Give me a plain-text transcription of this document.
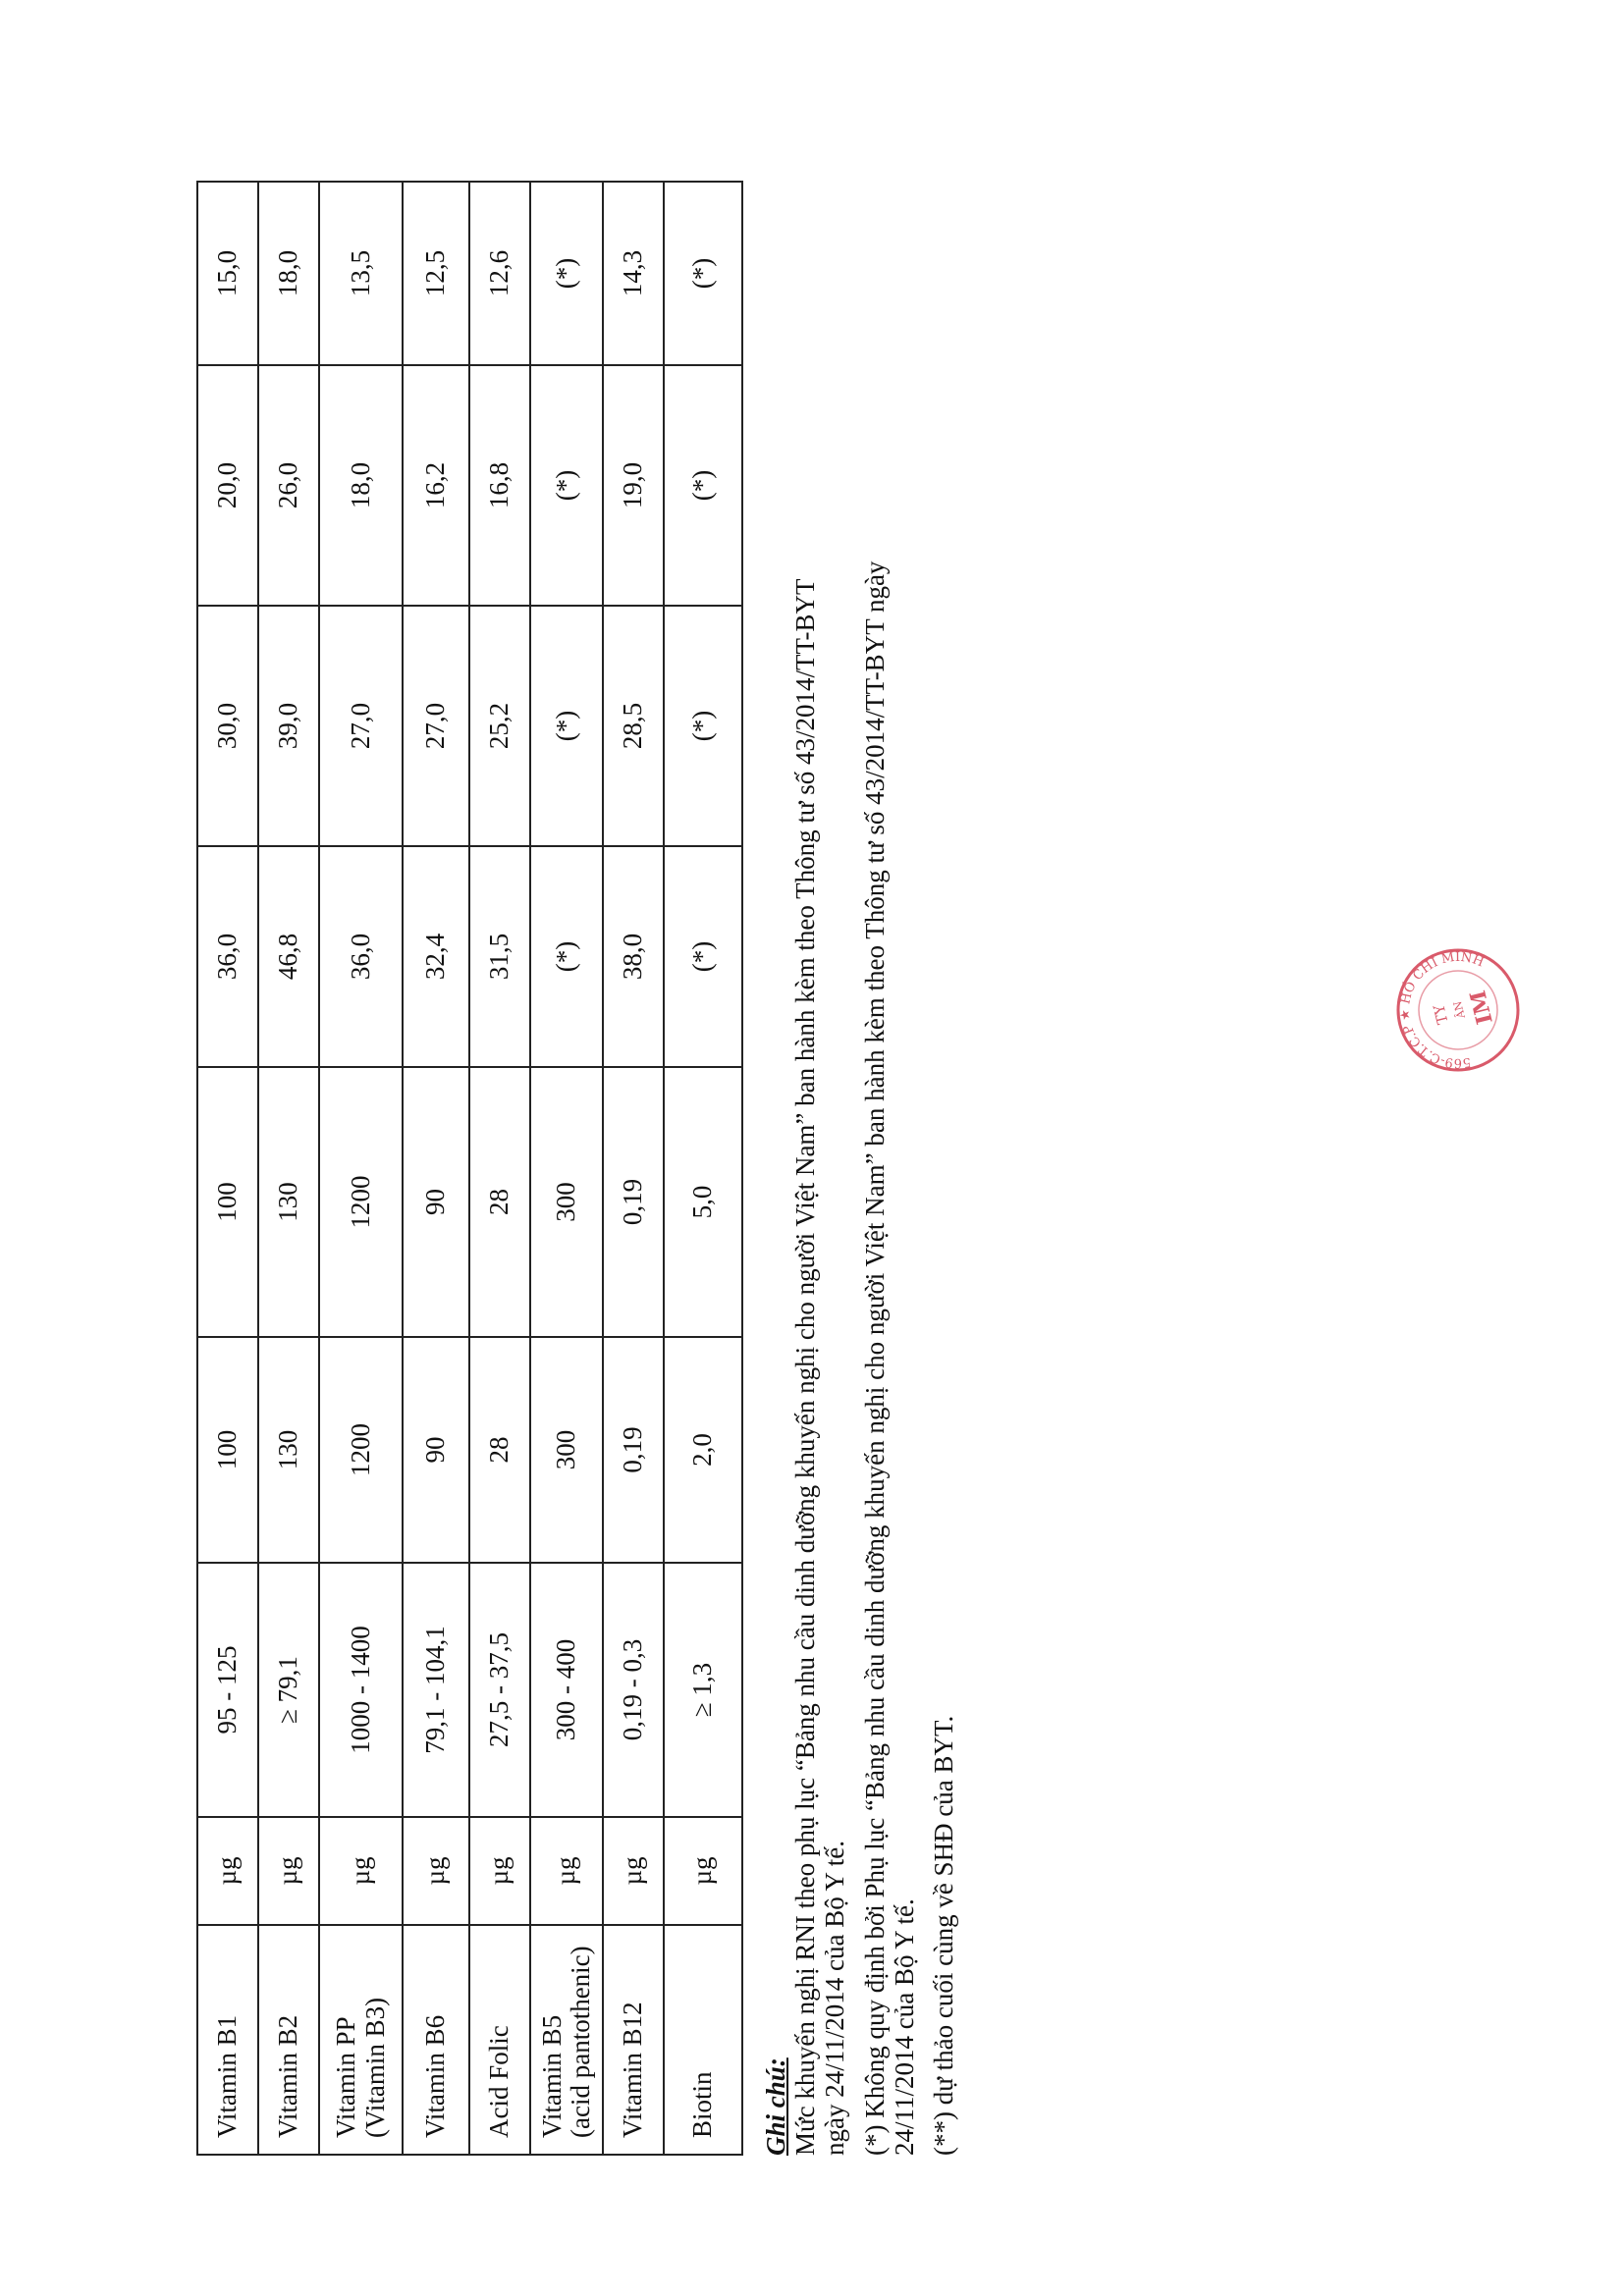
Vitamin B1	µg	95 - 125	100	100	36,0	30,0	20,0	15,0
Vitamin B2	µg	≥ 79,1	130	130	46,8	39,0	26,0	18,0
Vitamin PP
(Vitamin B3)	µg	1000 - 1400	1200	1200	36,0	27,0	18,0	13,5
Vitamin B6	µg	79,1 - 104,1	90	90	32,4	27,0	16,2	12,5
Acid Folic	µg	27,5 - 37,5	28	28	31,5	25,2	16,8	12,6
Vitamin B5
(acid pantothenic)	µg	300 - 400	300	300	(*)	(*)	(*)	(*)
Vitamin B12	µg	0,19 - 0,3	0,19	0,19	38,0	28,5	19,0	14,3
Biotin	µg	≥ 1,3	2,0	5,0	(*)	(*)	(*)	(*)

Ghi chú: Mức khuyến nghị RNI theo phụ lục “Bảng nhu cầu dinh dưỡng khuyến nghị cho người Việt Nam” ban hành kèm theo Thông tư số 43/2014/TT-BYT ngày 24/11/2014 của Bộ Y tế. (*) Không quy định bởi Phụ lục “Bảng nhu cầu dinh dưỡng khuyến nghị cho người Việt Nam” ban hành kèm theo Thông tư số 43/2014/TT-BYT ngày 24/11/2014 của Bộ Y tế. (**) dự thảo cuối cùng về SHĐ của BYT.

569-C.T.C.P ★ HỒ CHÍ MINH
TY ÂN
IM
